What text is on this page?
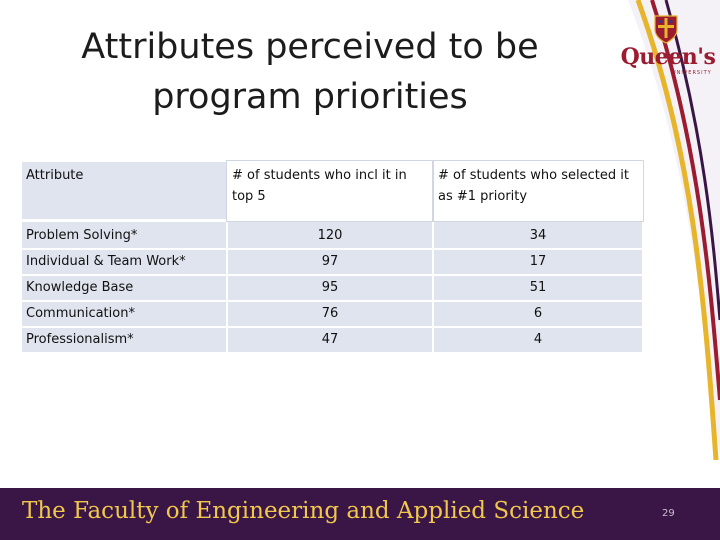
Queen's
UNIVERSITY
Attributes perceived to be program priorities
Attribute	# of students who incl it in top 5	# of students who selected it as #1 priority
Problem Solving*	120	34
Individual & Team Work*	97	17
Knowledge Base	95	51
Communication*	76	6
Professionalism*	47	4
The Faculty of Engineering and Applied Science	29
